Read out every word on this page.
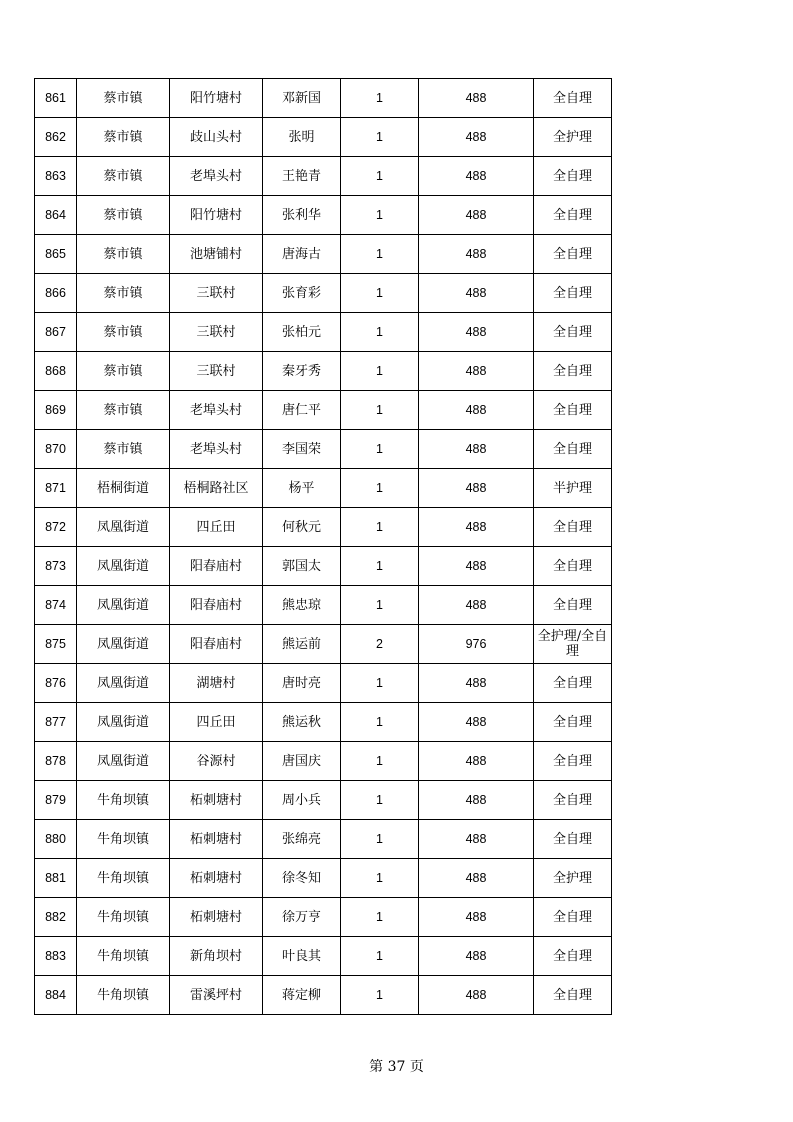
861	蔡市镇	阳竹塘村	邓新国	1	488	全自理
862	蔡市镇	歧山头村	张明	1	488	全护理
863	蔡市镇	老埠头村	王艳青	1	488	全自理
864	蔡市镇	阳竹塘村	张利华	1	488	全自理
865	蔡市镇	池塘铺村	唐海古	1	488	全自理
866	蔡市镇	三联村	张育彩	1	488	全自理
867	蔡市镇	三联村	张柏元	1	488	全自理
868	蔡市镇	三联村	秦牙秀	1	488	全自理
869	蔡市镇	老埠头村	唐仁平	1	488	全自理
870	蔡市镇	老埠头村	李国荣	1	488	全自理
871	梧桐街道	梧桐路社区	杨平	1	488	半护理
872	凤凰街道	四丘田	何秋元	1	488	全自理
873	凤凰街道	阳春庙村	郭国太	1	488	全自理
874	凤凰街道	阳春庙村	熊忠琼	1	488	全自理
875	凤凰街道	阳春庙村	熊运前	2	976	全护理/全自理
876	凤凰街道	湖塘村	唐时亮	1	488	全自理
877	凤凰街道	四丘田	熊运秋	1	488	全自理
878	凤凰街道	谷源村	唐国庆	1	488	全自理
879	牛角坝镇	柘刺塘村	周小兵	1	488	全自理
880	牛角坝镇	柘刺塘村	张绵亮	1	488	全自理
881	牛角坝镇	柘刺塘村	徐冬知	1	488	全护理
882	牛角坝镇	柘刺塘村	徐万亨	1	488	全自理
883	牛角坝镇	新角坝村	叶良其	1	488	全自理
884	牛角坝镇	雷溪坪村	蒋定柳	1	488	全自理
第 37 页
